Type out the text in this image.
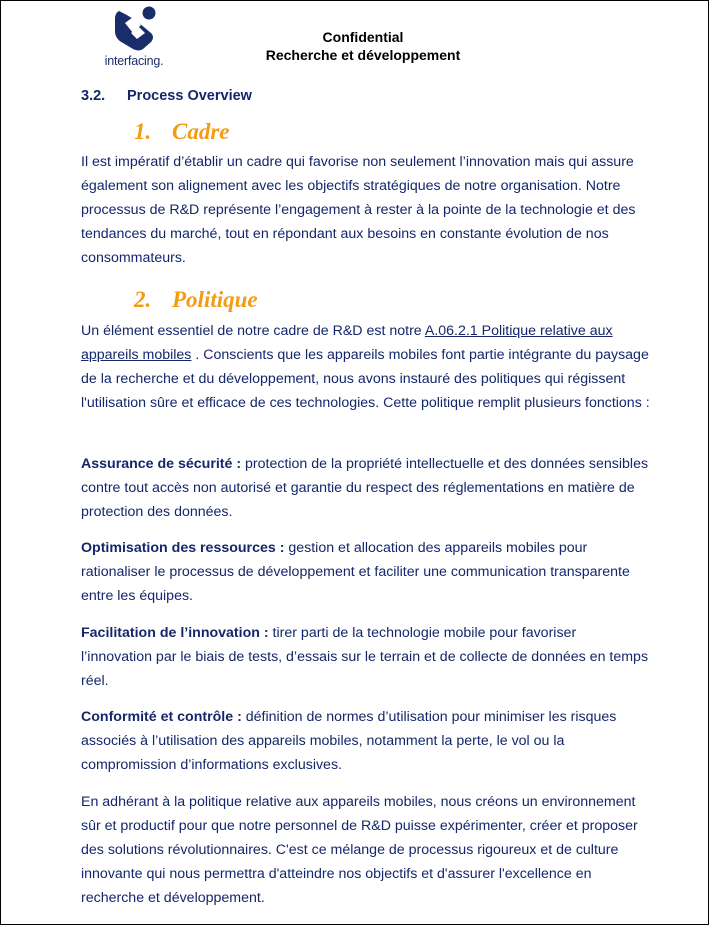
interfacing.
Confidential
Recherche et développement
3.2. Process Overview
1. Cadre

Il est impératif d’établir un cadre qui favorise non seulement l’innovation mais qui assure également son alignement avec les objectifs stratégiques de notre organisation. Notre processus de R&D représente l’engagement à rester à la pointe de la technologie et des tendances du marché, tout en répondant aux besoins en constante évolution de nos consommateurs.

2. Politique

Un élément essentiel de notre cadre de R&D est notre A.06.2.1 Politique relative aux appareils mobiles . Conscients que les appareils mobiles font partie intégrante du paysage de la recherche et du développement, nous avons instauré des politiques qui régissent l'utilisation sûre et efficace de ces technologies. Cette politique remplit plusieurs fonctions :

Assurance de sécurité : protection de la propriété intellectuelle et des données sensibles contre tout accès non autorisé et garantie du respect des réglementations en matière de protection des données.

Optimisation des ressources : gestion et allocation des appareils mobiles pour rationaliser le processus de développement et faciliter une communication transparente entre les équipes.

Facilitation de l’innovation : tirer parti de la technologie mobile pour favoriser l’innovation par le biais de tests, d’essais sur le terrain et de collecte de données en temps réel.

Conformité et contrôle : définition de normes d’utilisation pour minimiser les risques associés à l’utilisation des appareils mobiles, notamment la perte, le vol ou la compromission d’informations exclusives.

En adhérant à la politique relative aux appareils mobiles, nous créons un environnement sûr et productif pour que notre personnel de R&D puisse expérimenter, créer et proposer des solutions révolutionnaires. C'est ce mélange de processus rigoureux et de culture innovante qui nous permettra d'atteindre nos objectifs et d'assurer l'excellence en recherche et développement.
